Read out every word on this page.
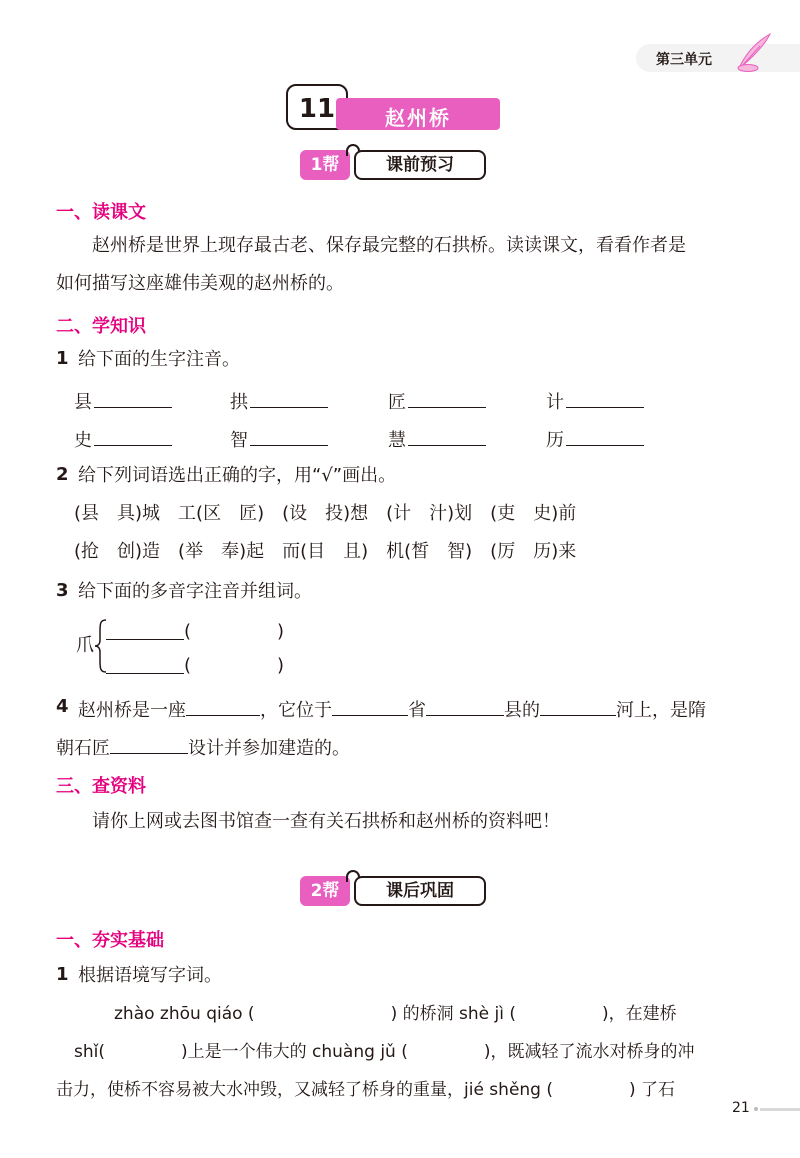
第三单元
11	赵州桥
1帮	课前预习
一、读课文
赵州桥是世界上现存最古老、保存最完整的石拱桥。读读课文，看看作者是
如何描写这座雄伟美观的赵州桥的。
二、学知识
1 给下面的生字注音。
县	拱	匠	计
史	智	慧	历
2 给下列词语选出正确的字，用“√”画出。
(县　具)城　工(区　匠)　(设　投)想　(计　汁)划　(吏　史)前
(抢　创)造　(举　奉)起　而(目　且)　机(皙　智)　(厉　历)来
3 给下面的多音字注音并组词。
爪
(	)
(	)
4 赵州桥是一座	，它位于	省	县的	河上，是隋
朝石匠	设计并参加建造的。
三、查资料
请你上网或去图书馆查一查有关石拱桥和赵州桥的资料吧！
2帮	课后巩固
一、夯实基础
1 根据语境写字词。
zhào zhōu qiáo (	) 的桥洞 shè jì (	)，在建桥
shǐ(	)上是一个伟大的 chuàng jǔ (	)，既减轻了流水对桥身的冲
击力，使桥不容易被大水冲毁，又减轻了桥身的重量，jié shěng (	) 了石
21
